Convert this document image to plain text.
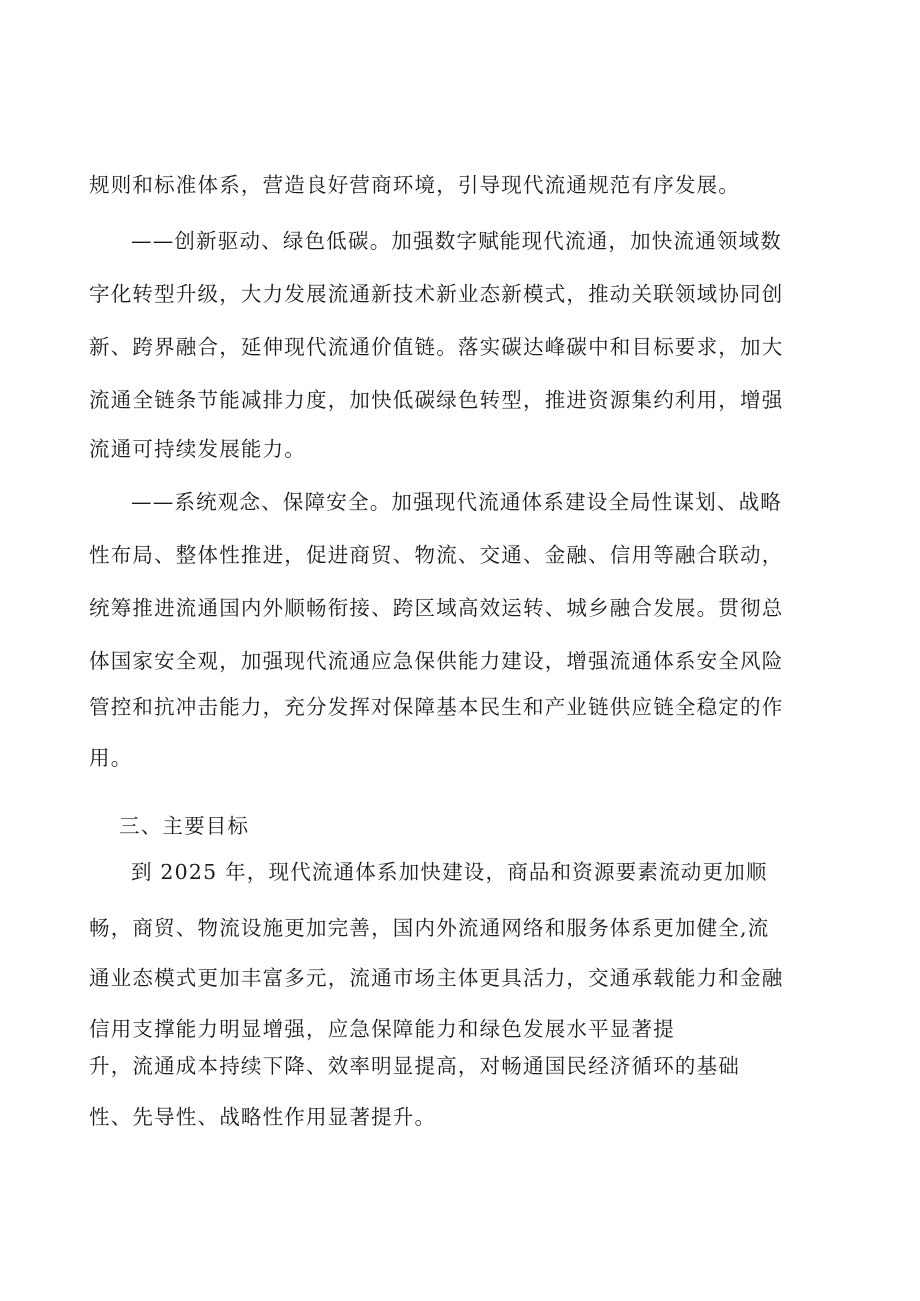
规则和标准体系，营造良好营商环境，引导现代流通规范有序发展。
——创新驱动、绿色低碳。加强数字赋能现代流通，加快流通领域数
字化转型升级，大力发展流通新技术新业态新模式，推动关联领域协同创
新、跨界融合，延伸现代流通价值链。落实碳达峰碳中和目标要求，加大
流通全链条节能减排力度，加快低碳绿色转型，推进资源集约利用，增强
流通可持续发展能力。
——系统观念、保障安全。加强现代流通体系建设全局性谋划、战略
性布局、整体性推进，促进商贸、物流、交通、金融、信用等融合联动，
统筹推进流通国内外顺畅衔接、跨区域高效运转、城乡融合发展。贯彻总
体国家安全观，加强现代流通应急保供能力建设，增强流通体系安全风险
管控和抗冲击能力，充分发挥对保障基本民生和产业链供应链全稳定的作
用。
三、主要目标
到 2025 年，现代流通体系加快建设，商品和资源要素流动更加顺
畅，商贸、物流设施更加完善，国内外流通网络和服务体系更加健全,流
通业态模式更加丰富多元，流通市场主体更具活力，交通承载能力和金融
信用支撑能力明显增强，应急保障能力和绿色发展水平显著提
升，流通成本持续下降、效率明显提高，对畅通国民经济循环的基础
性、先导性、战略性作用显著提升。
